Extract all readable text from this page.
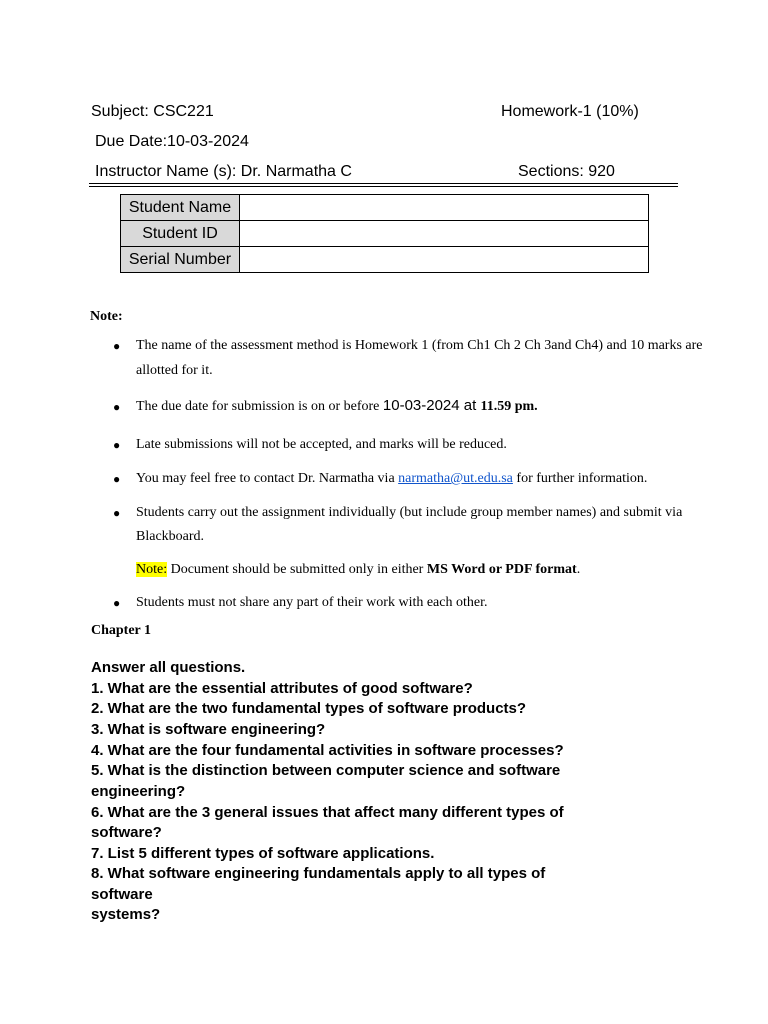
Subject: CSC221	Homework-1 (10%)
Due Date:10-03-2024
Instructor Name (s): Dr. Narmatha C	Sections: 920
Student Name	
Student ID	
Serial Number	
Note:
● The name of the assessment method is Homework 1 (from Ch1 Ch 2 Ch 3and Ch4) and 10 marks are
allotted for it.
● The due date for submission is on or before 10-03-2024 at 11.59 pm.
● Late submissions will not be accepted, and marks will be reduced.
● You may feel free to contact Dr. Narmatha via narmatha@ut.edu.sa for further information.
● Students carry out the assignment individually (but include group member names) and submit via
Blackboard.
Note: Document should be submitted only in either MS Word or PDF format.
● Students must not share any part of their work with each other.
Chapter 1
Answer all questions.
1. What are the essential attributes of good software?
2. What are the two fundamental types of software products?
3. What is software engineering?
4. What are the four fundamental activities in software processes?
5. What is the distinction between computer science and software
engineering?
6. What are the 3 general issues that affect many different types of
software?
7. List 5 different types of software applications.
8. What software engineering fundamentals apply to all types of
software
systems?
